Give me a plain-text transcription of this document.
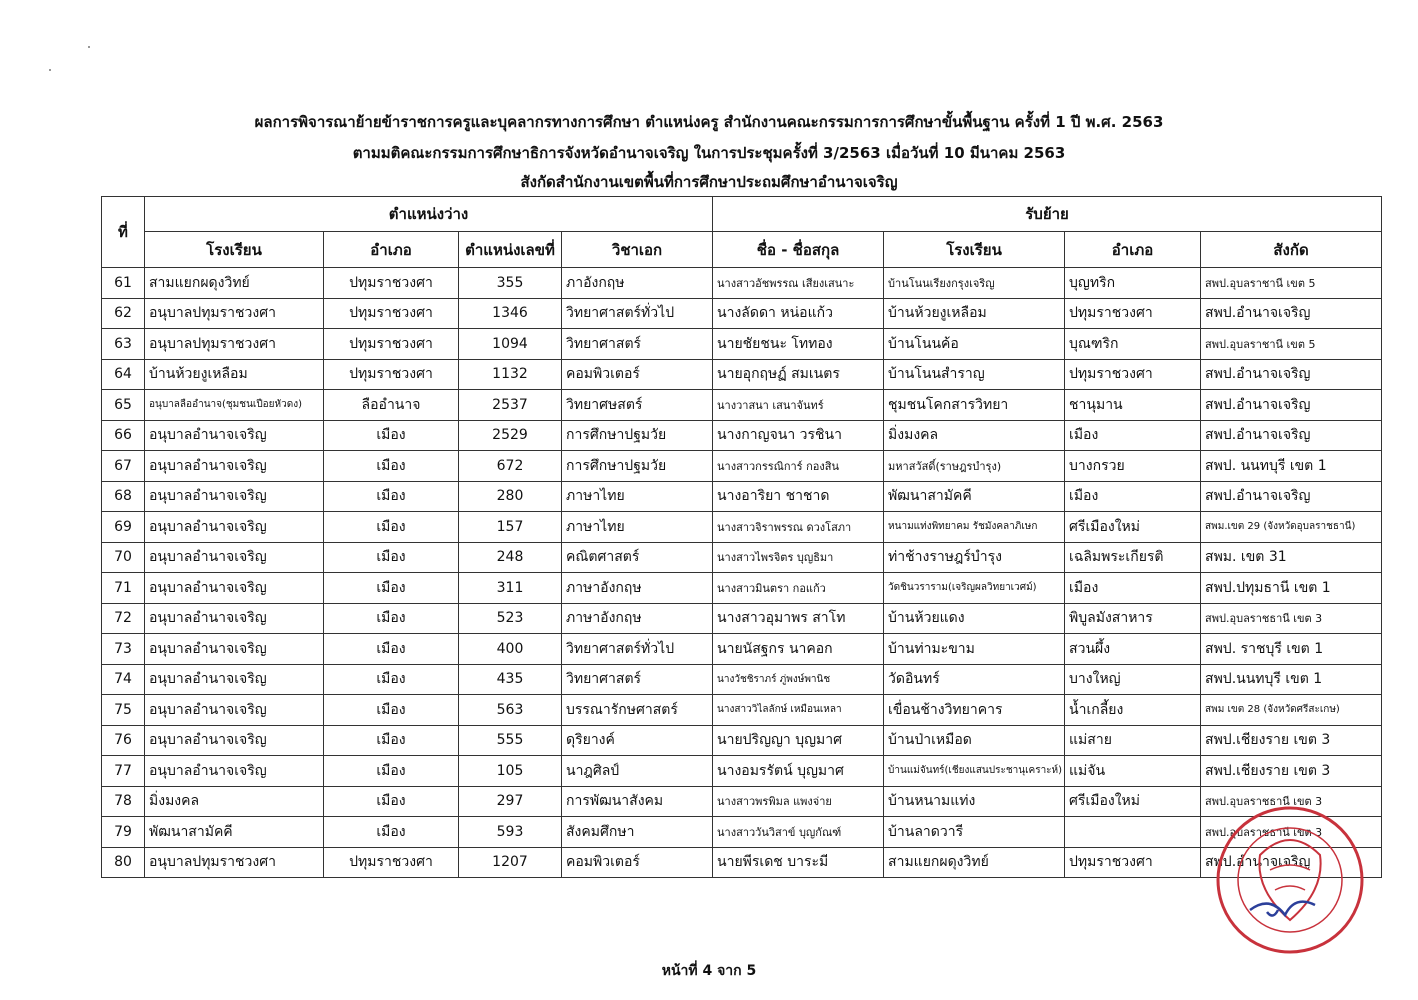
ผลการพิจารณาย้ายข้าราชการครูและบุคลากรทางการศึกษา ตำแหน่งครู สำนักงานคณะกรรมการการศึกษาขั้นพื้นฐาน ครั้งที่ 1 ปี พ.ศ. 2563
ตามมติคณะกรรมการศึกษาธิการจังหวัดอำนาจเจริญ ในการประชุมครั้งที่ 3/2563 เมื่อวันที่ 10 มีนาคม 2563
สังกัดสำนักงานเขตพื้นที่การศึกษาประถมศึกษาอำนาจเจริญ
ที่	ตำแหน่งว่าง				รับย้าย			
	โรงเรียน	อำเภอ	ตำแหน่งเลขที่	วิชาเอก	ชื่อ - ชื่อสกุล	โรงเรียน	อำเภอ	สังกัด
61	สามแยกผดุงวิทย์	ปทุมราชวงศา	355	ภาอังกฤษ	นางสาวอัชพรรณ เสียงเสนาะ	บ้านโนนเรียงกรุงเจริญ	บุญทริก	สพป.อุบลราชานี เขต 5
62	อนุบาลปทุมราชวงศา	ปทุมราชวงศา	1346	วิทยาศาสตร์ทั่วไป	นางลัดดา หน่อแก้ว	บ้านห้วยงูเหลือม	ปทุมราชวงศา	สพป.อำนาจเจริญ
63	อนุบาลปทุมราชวงศา	ปทุมราชวงศา	1094	วิทยาศาสตร์	นายชัยชนะ โททอง	บ้านโนนค้อ	บุณฑริก	สพป.อุบลราชานี เขต 5
64	บ้านห้วยงูเหลือม	ปทุมราชวงศา	1132	คอมพิวเตอร์	นายอุกฤษฏ์ สมเนตร	บ้านโนนสำราญ	ปทุมราชวงศา	สพป.อำนาจเจริญ
65	อนุบาลลืออำนาจ(ชุมชนเปือยหัวดง)	ลืออำนาจ	2537	วิทยาศษสตร์	นางวาสนา เสนาจันทร์	ชุมชนโคกสารวิทยา	ชานุมาน	สพป.อำนาจเจริญ
66	อนุบาลอำนาจเจริญ	เมือง	2529	การศึกษาปฐมวัย	นางกาญจนา วรชินา	มิ่งมงคล	เมือง	สพป.อำนาจเจริญ
67	อนุบาลอำนาจเจริญ	เมือง	672	การศึกษาปฐมวัย	นางสาวกรรณิการ์ กองสิน	มหาสวัสดิ์(ราษฎรบำรุง)	บางกรวย	สพป. นนทบุรี เขต 1
68	อนุบาลอำนาจเจริญ	เมือง	280	ภาษาไทย	นางอาริยา ชาชาด	พัฒนาสามัคคี	เมือง	สพป.อำนาจเจริญ
69	อนุบาลอำนาจเจริญ	เมือง	157	ภาษาไทย	นางสาวจิราพรรณ ดวงโสภา	หนามแท่งพิทยาคม รัชมังคลาภิเษก	ศรีเมืองใหม่	สพม.เขต 29 (จังหวัดอุบลราชธานี)
70	อนุบาลอำนาจเจริญ	เมือง	248	คณิตศาสตร์	นางสาวไพรจิตร บุญธิมา	ท่าช้างราษฎร์บำรุง	เฉลิมพระเกียรติ	สพม. เขต 31
71	อนุบาลอำนาจเจริญ	เมือง	311	ภาษาอังกฤษ	นางสาวมินตรา กอแก้ว	วัดชินวราราม(เจริญผลวิทยาเวศม์)	เมือง	สพป.ปทุมธานี เขต 1
72	อนุบาลอำนาจเจริญ	เมือง	523	ภาษาอังกฤษ	นางสาวอุมาพร สาโท	บ้านห้วยแดง	พิบูลมังสาหาร	สพป.อุบลราชธานี เขต 3
73	อนุบาลอำนาจเจริญ	เมือง	400	วิทยาศาสตร์ทั่วไป	นายนัสฐกร นาคอก	บ้านท่ามะขาม	สวนผึ้ง	สพป. ราชบุรี เขต 1
74	อนุบาลอำนาจเจริญ	เมือง	435	วิทยาศาสตร์	นางวัชชิราภร์ ภู่พงษ์พานิช	วัดอินทร์	บางใหญ่	สพป.นนทบุรี เขต 1
75	อนุบาลอำนาจเจริญ	เมือง	563	บรรณารักษศาสตร์	นางสาววิไลลักษ์ เหมือนเหลา	เขื่อนช้างวิทยาคาร	น้ำเกลี้ยง	สพม เขต 28 (จังหวัดศรีสะเกษ)
76	อนุบาลอำนาจเจริญ	เมือง	555	ดุริยางค์	นายปริญญา บุญมาศ	บ้านป่าเหมือด	แม่สาย	สพป.เชียงราย เขต 3
77	อนุบาลอำนาจเจริญ	เมือง	105	นาฎศิลป์	นางอมรรัตน์ บุญมาศ	บ้านแม่จันทร์(เชียงแสนประชานุเคราะห์)	แม่จัน	สพป.เชียงราย เขต 3
78	มิ่งมงคล	เมือง	297	การพัฒนาสังคม	นางสาวพรพิมล แพงจ่าย	บ้านหนามแท่ง	ศรีเมืองใหม่	สพป.อุบลราชธานี เขต 3
79	พัฒนาสามัคคี	เมือง	593	สังคมศึกษา	นางสาววันวิสาข์ บุญกัณฑ์	บ้านลาดวารี		สพป.อุบลราชธานี เขต 3
80	อนุบาลปทุมราชวงศา	ปทุมราชวงศา	1207	คอมพิวเตอร์	นายพีรเดช บาระมี	สามแยกผดุงวิทย์	ปทุมราชวงศา	สพป.อำนาจเจริญ
หน้าที่ 4 จาก 5
